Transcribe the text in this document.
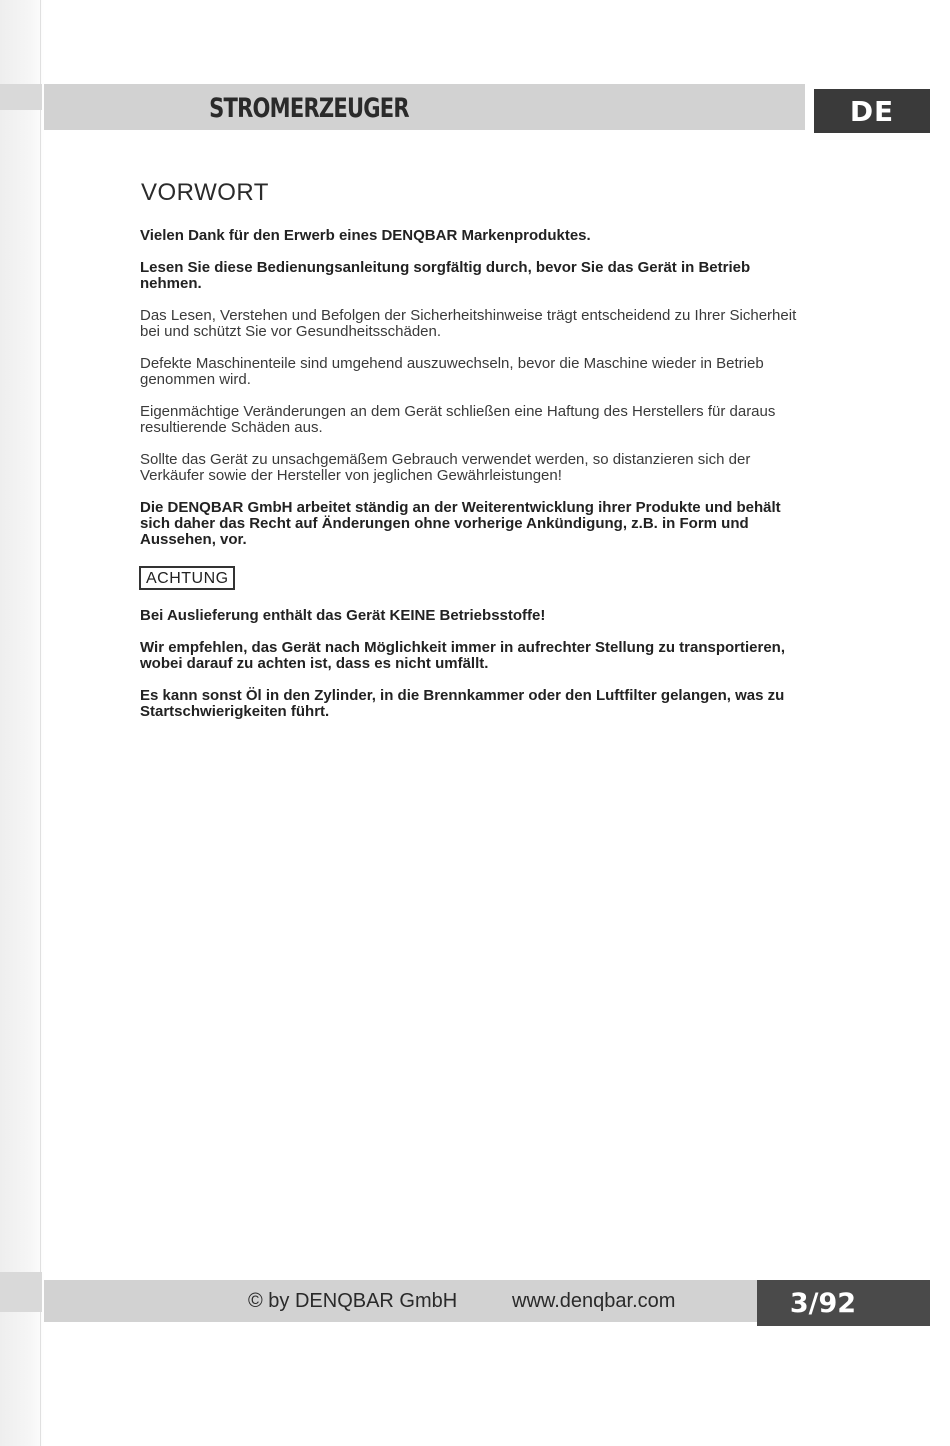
STROMERZEUGER	DE
VORWORT

Vielen Dank für den Erwerb eines DENQBAR Markenproduktes.

Lesen Sie diese Bedienungsanleitung sorgfältig durch, bevor Sie das Gerät in Betrieb nehmen.

Das Lesen, Verstehen und Befolgen der Sicherheitshinweise trägt entscheidend zu Ihrer Sicherheit bei und schützt Sie vor Gesundheitsschäden.

Defekte Maschinenteile sind umgehend auszuwechseln, bevor die Maschine wieder in Betrieb genommen wird.

Eigenmächtige Veränderungen an dem Gerät schließen eine Haftung des Herstellers für daraus resultierende Schäden aus.

Sollte das Gerät zu unsachgemäßem Gebrauch verwendet werden, so distanzieren sich der Verkäufer sowie der Hersteller von jeglichen Gewährleistungen!

Die DENQBAR GmbH arbeitet ständig an der Weiterentwicklung ihrer Produkte und behält sich daher das Recht auf Änderungen ohne vorherige Ankündigung, z.B. in Form und Aussehen, vor.

ACHTUNG

Bei Auslieferung enthält das Gerät KEINE Betriebsstoffe!

Wir empfehlen, das Gerät nach Möglichkeit immer in aufrechter Stellung zu transportieren, wobei darauf zu achten ist, dass es nicht umfällt.

Es kann sonst Öl in den Zylinder, in die Brennkammer oder den Luftfilter gelangen, was zu Startschwierigkeiten führt.

© by DENQBAR GmbH	www.denqbar.com	3/92
